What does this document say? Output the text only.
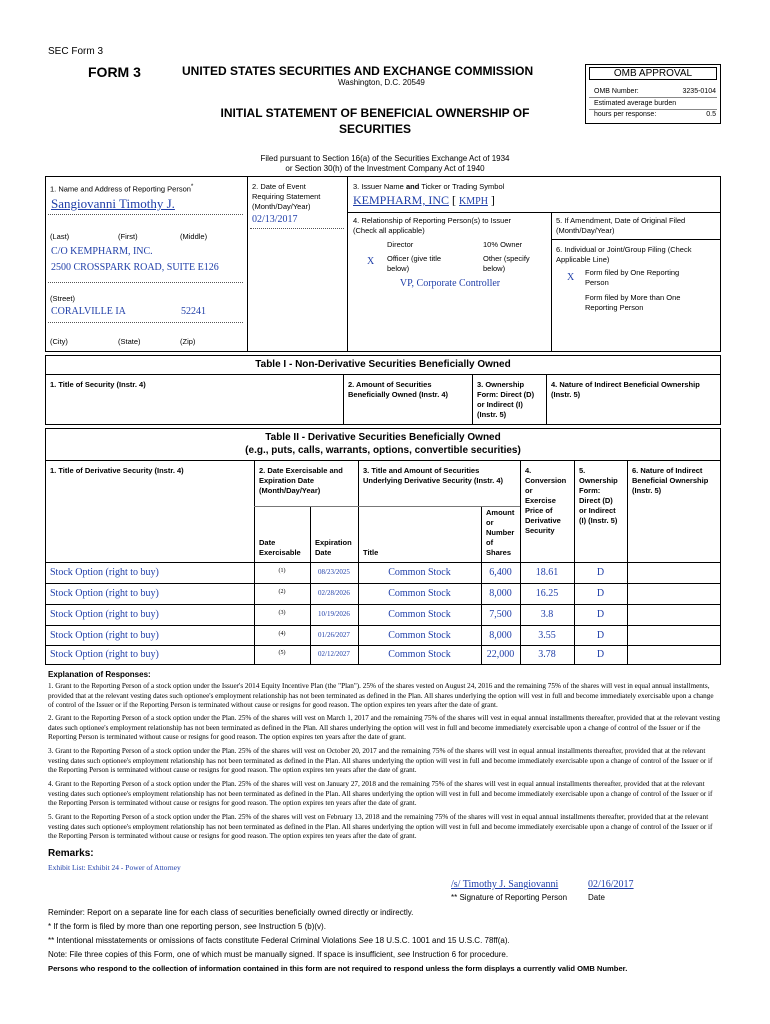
SEC Form 3
FORM 3	UNITED STATES SECURITIES AND EXCHANGE COMMISSION
Washington, D.C. 20549
INITIAL STATEMENT OF BENEFICIAL OWNERSHIP OF
SECURITIES
OMB APPROVAL
OMB Number:	3235-0104
Estimated average burden
hours per response:	0.5
Filed pursuant to Section 16(a) of the Securities Exchange Act of 1934
or Section 30(h) of the Investment Company Act of 1940
1. Name and Address of Reporting Person*
Sangiovanni Timothy J.
(Last)	(First)	(Middle)
C/O KEMPHARM, INC.
2500 CROSSPARK ROAD, SUITE E126
(Street)
CORALVILLE IA	52241
(City)	(State)	(Zip)
2. Date of Event
Requiring Statement
(Month/Day/Year)
02/13/2017
3. Issuer Name and Ticker or Trading Symbol
KEMPHARM, INC [ KMPH ]
4. Relationship of Reporting Person(s) to Issuer
(Check all applicable)
Director	10% Owner
X Officer (give title
below)
Other (specify
below)
VP, Corporate Controller
5. If Amendment, Date of Original Filed
(Month/Day/Year)
6. Individual or Joint/Group Filing (Check
Applicable Line)
X Form filed by One Reporting
Person
Form filed by More than One
Reporting Person
Table I - Non-Derivative Securities Beneficially Owned
1. Title of Security (Instr. 4)	2. Amount of Securities
Beneficially Owned (Instr. 4)
3. Ownership
Form: Direct (D)
or Indirect (I)
(Instr. 5)
4. Nature of Indirect Beneficial Ownership
(Instr. 5)
Table II - Derivative Securities Beneficially Owned
(e.g., puts, calls, warrants, options, convertible securities)
1. Title of Derivative Security (Instr. 4)	2. Date Exercisable and
Expiration Date
(Month/Day/Year)
3. Title and Amount of Securities
Underlying Derivative Security (Instr. 4)
4.
Conversion
or
Exercise
Price of
Derivative
Security
5.
Ownership
Form:
Direct (D)
or Indirect
(I) (Instr. 5)
6. Nature of Indirect
Beneficial Ownership
(Instr. 5)
Date
Exercisable
Expiration
Date	Title
Amount
or
Number
of
Shares
Stock Option (right to buy)	(1)	08/23/2025	Common Stock	6,400	18.61	D
Stock Option (right to buy)	(2)	02/28/2026	Common Stock	8,000	16.25	D
Stock Option (right to buy)	(3)	10/19/2026	Common Stock	7,500	3.8	D
Stock Option (right to buy)	(4)	01/26/2027	Common Stock	8,000	3.55	D
Stock Option (right to buy)	(5)	02/12/2027	Common Stock	22,000	3.78	D
Explanation of Responses:
1. Grant to the Reporting Person of a stock option under the Issuer's 2014 Equity Incentive Plan (the "Plan"). 25% of the shares vested on August 24, 2016 and the remaining 75% of the shares will vest in equal annual installments, provided that at the relevant vesting dates such optionee's employment relationship has not been terminated as defined in the Plan. All shares underlying the option will vest in full and become immediately exercisable upon a change of control of the Issuer or if the Reporting Person is terminated without cause or resigns for good reason. The option expires ten years after the date of grant.
2. Grant to the Reporting Person of a stock option under the Plan. 25% of the shares will vest on March 1, 2017 and the remaining 75% of the shares will vest in equal annual installments thereafter, provided that at the relevant vesting dates such optionee's employment relationship has not been terminated as defined in the Plan. All shares underlying the option will vest in full and become immediately exercisable upon a change of control of the Issuer or if the Reporting Person is terminated without cause or resigns for good reason. The option expires ten years after the date of grant.
3. Grant to the Reporting Person of a stock option under the Plan. 25% of the shares will vest on October 20, 2017 and the remaining 75% of the shares will vest in equal annual installments thereafter, provided that at the relevant vesting dates such optionee's employment relationship has not been terminated as defined in the Plan. All shares underlying the option will vest in full and become immediately exercisable upon a change of control of the Issuer or if the Reporting Person is terminated without cause or resigns for good reason. The option expires ten years after the date of grant.
4. Grant to the Reporting Person of a stock option under the Plan. 25% of the shares will vest on January 27, 2018 and the remaining 75% of the shares will vest in equal annual installments thereafter, provided that at the relevant vesting dates such optionee's employment relationship has not been terminated as defined in the Plan. All shares underlying the option will vest in full and become immediately exercisable upon a change of control of the Issuer or if the Reporting Person is terminated without cause or resigns for good reason. The option expires ten years after the date of grant.
5. Grant to the Reporting Person of a stock option under the Plan. 25% of the shares will vest on February 13, 2018 and the remaining 75% of the shares will vest in equal annual installments thereafter, provided that at the relevant vesting dates such optionee's employment relationship has not been terminated as defined in the Plan. All shares underlying the option will vest in full and become immediately exercisable upon a change of control of the Issuer or if the Reporting Person is terminated without cause or resigns for good reason. The option expires ten years after the date of grant.
Remarks:
Exhibit List: Exhibit 24 - Power of Attorney
/s/ Timothy J. Sangiovanni	02/16/2017
** Signature of Reporting Person	Date
Reminder: Report on a separate line for each class of securities beneficially owned directly or indirectly.
* If the form is filed by more than one reporting person, see Instruction 5 (b)(v).
** Intentional misstatements or omissions of facts constitute Federal Criminal Violations See 18 U.S.C. 1001 and 15 U.S.C. 78ff(a).
Note: File three copies of this Form, one of which must be manually signed. If space is insufficient, see Instruction 6 for procedure.
Persons who respond to the collection of information contained in this form are not required to respond unless the form displays a currently valid OMB Number.
